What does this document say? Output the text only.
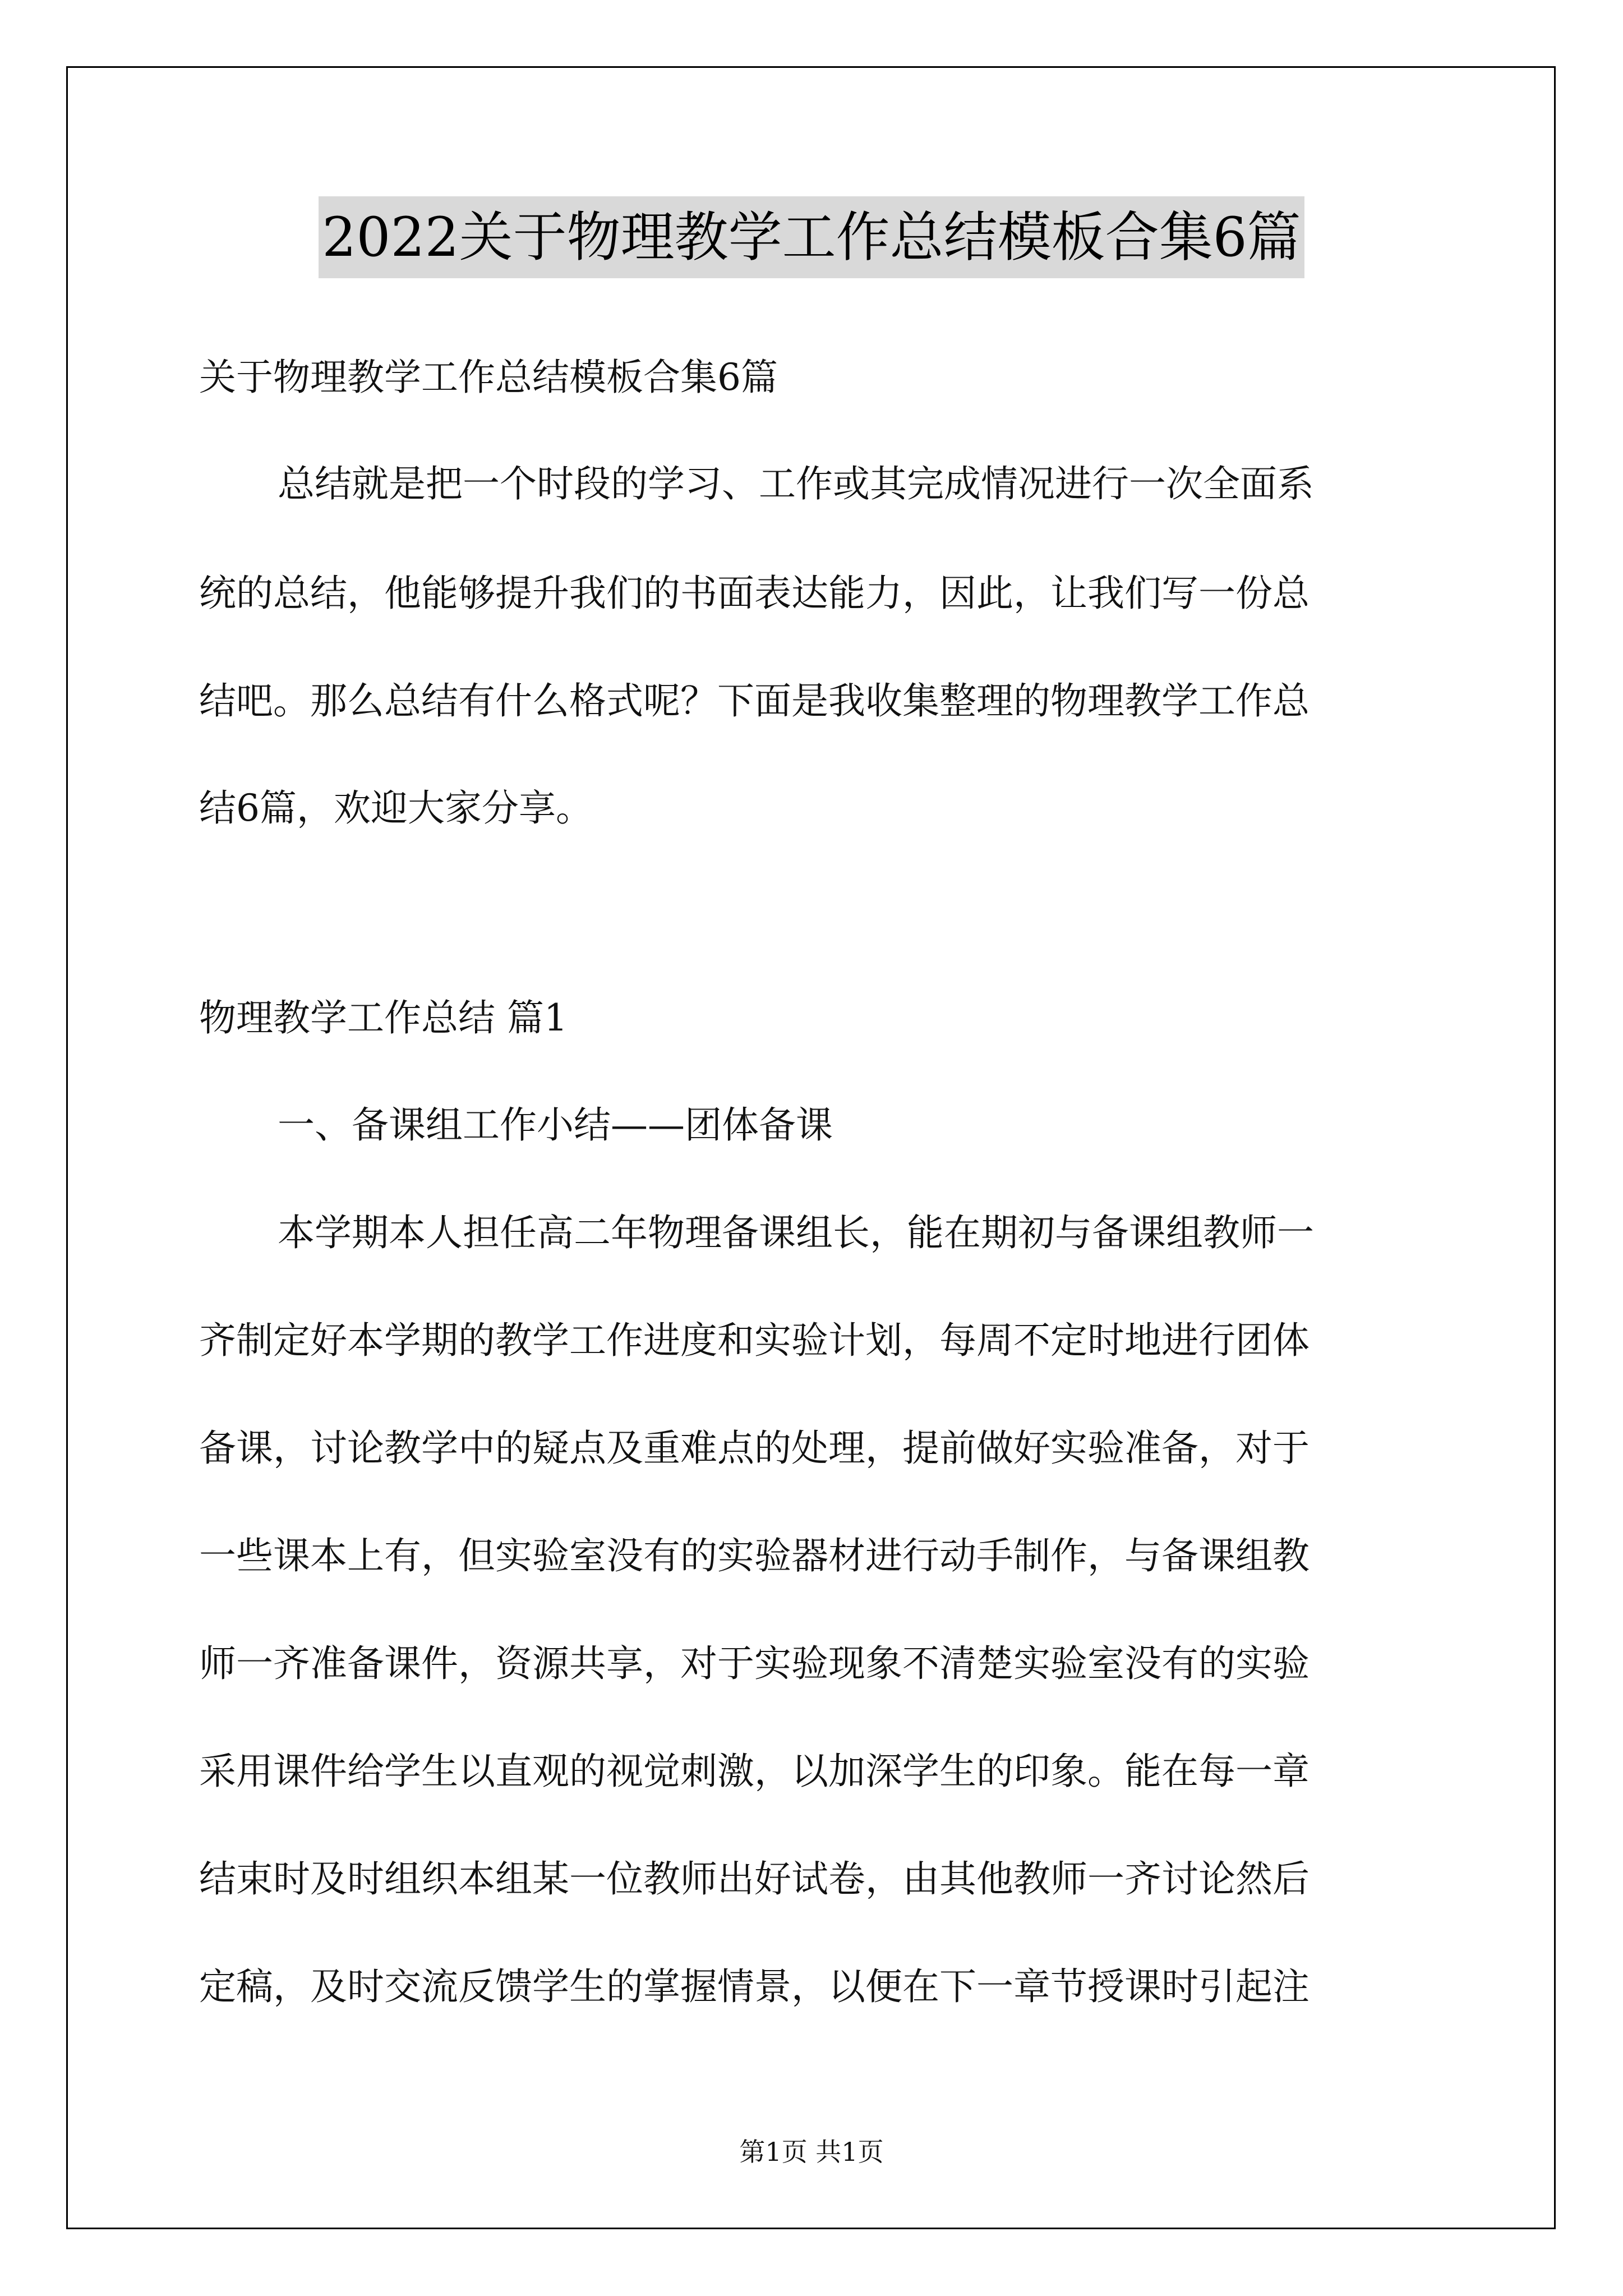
2022关于物理教学工作总结模板合集6篇
关于物理教学工作总结模板合集6篇
总结就是把一个时段的学习、工作或其完成情况进行一次全面系
统的总结，他能够提升我们的书面表达能力，因此，让我们写一份总
结吧。那么总结有什么格式呢？下面是我收集整理的物理教学工作总
结6篇，欢迎大家分享。
物理教学工作总结 篇1
一、备课组工作小结——团体备课
本学期本人担任高二年物理备课组长，能在期初与备课组教师一
齐制定好本学期的教学工作进度和实验计划，每周不定时地进行团体
备课，讨论教学中的疑点及重难点的处理，提前做好实验准备，对于
一些课本上有，但实验室没有的实验器材进行动手制作，与备课组教
师一齐准备课件，资源共享，对于实验现象不清楚实验室没有的实验
采用课件给学生以直观的视觉刺激，以加深学生的印象。能在每一章
结束时及时组织本组某一位教师出好试卷，由其他教师一齐讨论然后
定稿，及时交流反馈学生的掌握情景，以便在下一章节授课时引起注
第1页 共1页
